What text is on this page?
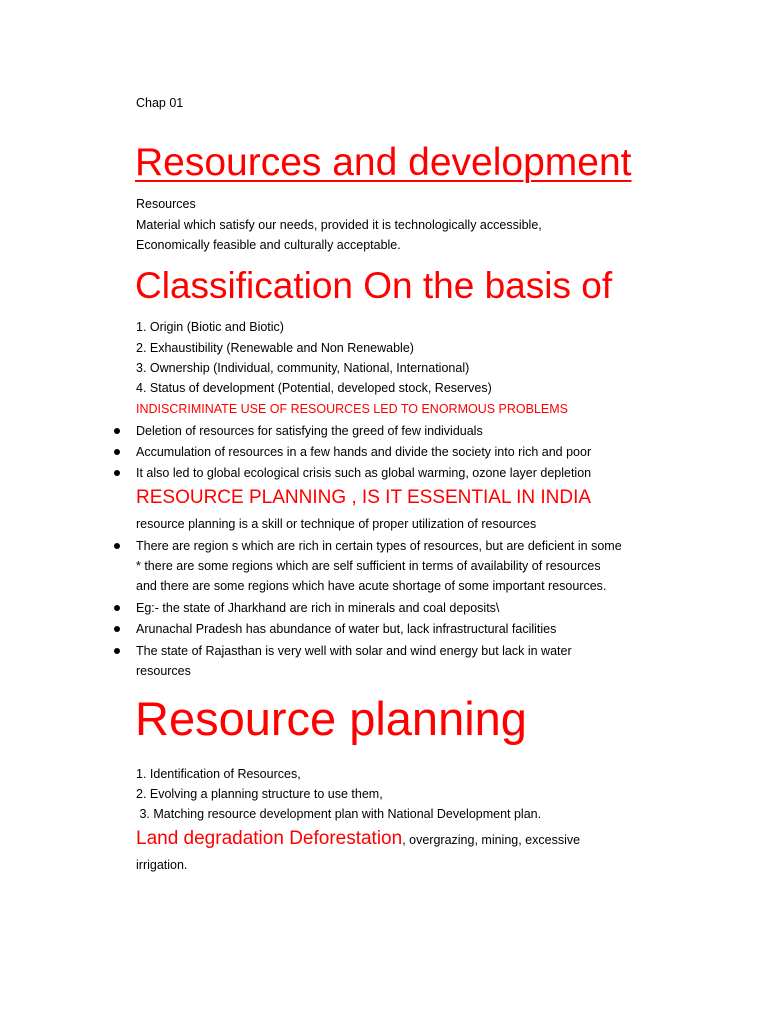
Chap 01

Resources and development

Resources

Material which satisfy our needs, provided it is technologically accessible,

Economically feasible and culturally acceptable.

Classification On the basis of

1. Origin (Biotic and Biotic)

2. Exhaustibility (Renewable and Non Renewable)

3. Ownership (Individual, community, National, International)

4. Status of development (Potential, developed stock, Reserves)

INDISCRIMINATE USE OF RESOURCES LED TO ENORMOUS PROBLEMS

Deletion of resources for satisfying the greed of few individuals
Accumulation of resources in a few hands and divide the society into rich and poor
It also led to global ecological crisis such as global warming, ozone layer depletion
RESOURCE PLANNING , IS IT ESSENTIAL IN INDIA

resource planning is a skill or technique of proper utilization of resources

There are region s which are rich in certain types of resources, but are deficient in some

* there are some regions which are self sufficient in terms of availability of resources

and there are some regions which have acute shortage of some important resources.

Eg:- the state of Jharkhand are rich in minerals and coal deposits\
Arunachal Pradesh has abundance of water but, lack infrastructural facilities
The state of Rajasthan is very well with solar and wind energy but lack in water

resources

Resource planning

1. Identification of Resources,

2. Evolving a planning structure to use them,

3. Matching resource development plan with National Development plan.

Land degradation Deforestation, overgrazing, mining, excessive

irrigation.
